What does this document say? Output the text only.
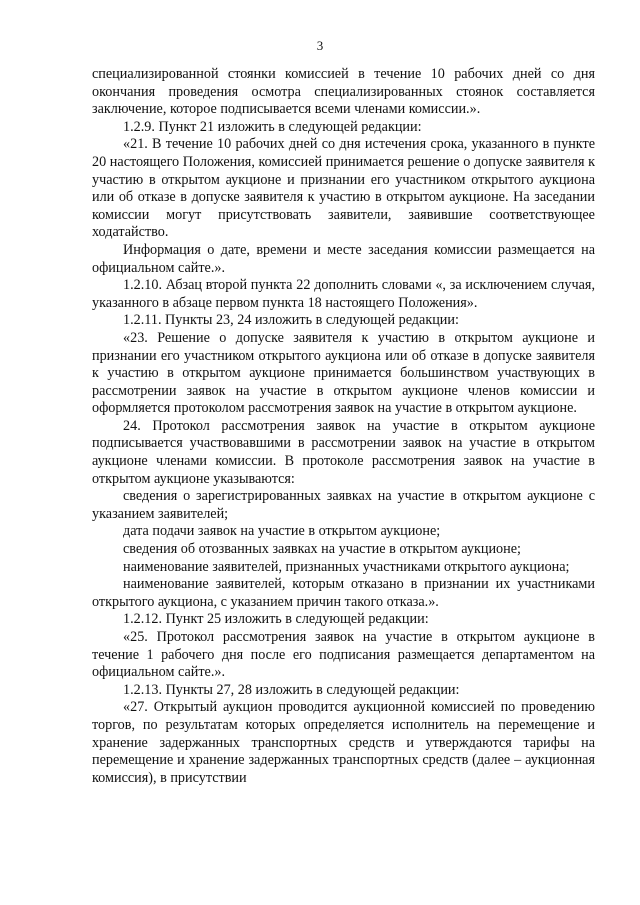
3

специализированной стоянки комиссией в течение 10 рабочих дней со дня окончания проведения осмотра специализированных стоянок составляется заключение, которое подписывается всеми членами комиссии.».

1.2.9. Пункт 21 изложить в следующей редакции:

«21. В течение 10 рабочих дней со дня истечения срока, указанного в пункте 20 настоящего Положения, комиссией принимается решение о допуске заявителя к участию в открытом аукционе и признании его участником открытого аукциона или об отказе в допуске заявителя к участию в открытом аукционе. На заседании комиссии могут присутствовать заявители, заявившие соответствующее ходатайство.

Информация о дате, времени и месте заседания комиссии размещается на официальном сайте.».

1.2.10. Абзац второй пункта 22 дополнить словами «, за исключением случая, указанного в абзаце первом пункта 18 настоящего Положения».

1.2.11. Пункты 23, 24 изложить в следующей редакции:

«23. Решение о допуске заявителя к участию в открытом аукционе и признании его участником открытого аукциона или об отказе в допуске заявителя к участию в открытом аукционе принимается большинством участвующих в рассмотрении заявок на участие в открытом аукционе членов комиссии и оформляется протоколом рассмотрения заявок на участие в открытом аукционе.

24. Протокол рассмотрения заявок на участие в открытом аукционе подписывается участвовавшими в рассмотрении заявок на участие в открытом аукционе членами комиссии. В протоколе рассмотрения заявок на участие в открытом аукционе указываются:

сведения о зарегистрированных заявках на участие в открытом аукционе с указанием заявителей;

дата подачи заявок на участие в открытом аукционе;

сведения об отозванных заявках на участие в открытом аукционе;

наименование заявителей, признанных участниками открытого аукциона;

наименование заявителей, которым отказано в признании их участниками открытого аукциона, с указанием причин такого отказа.».

1.2.12. Пункт 25 изложить в следующей редакции:

«25. Протокол рассмотрения заявок на участие в открытом аукционе в течение 1 рабочего дня после его подписания размещается департаментом на официальном сайте.».

1.2.13. Пункты 27, 28 изложить в следующей редакции:

«27. Открытый аукцион проводится аукционной комиссией по проведению торгов, по результатам которых определяется исполнитель на перемещение и хранение задержанных транспортных средств и утверждаются тарифы на перемещение и хранение задержанных транспортных средств (далее – аукционная комиссия), в присутствии
